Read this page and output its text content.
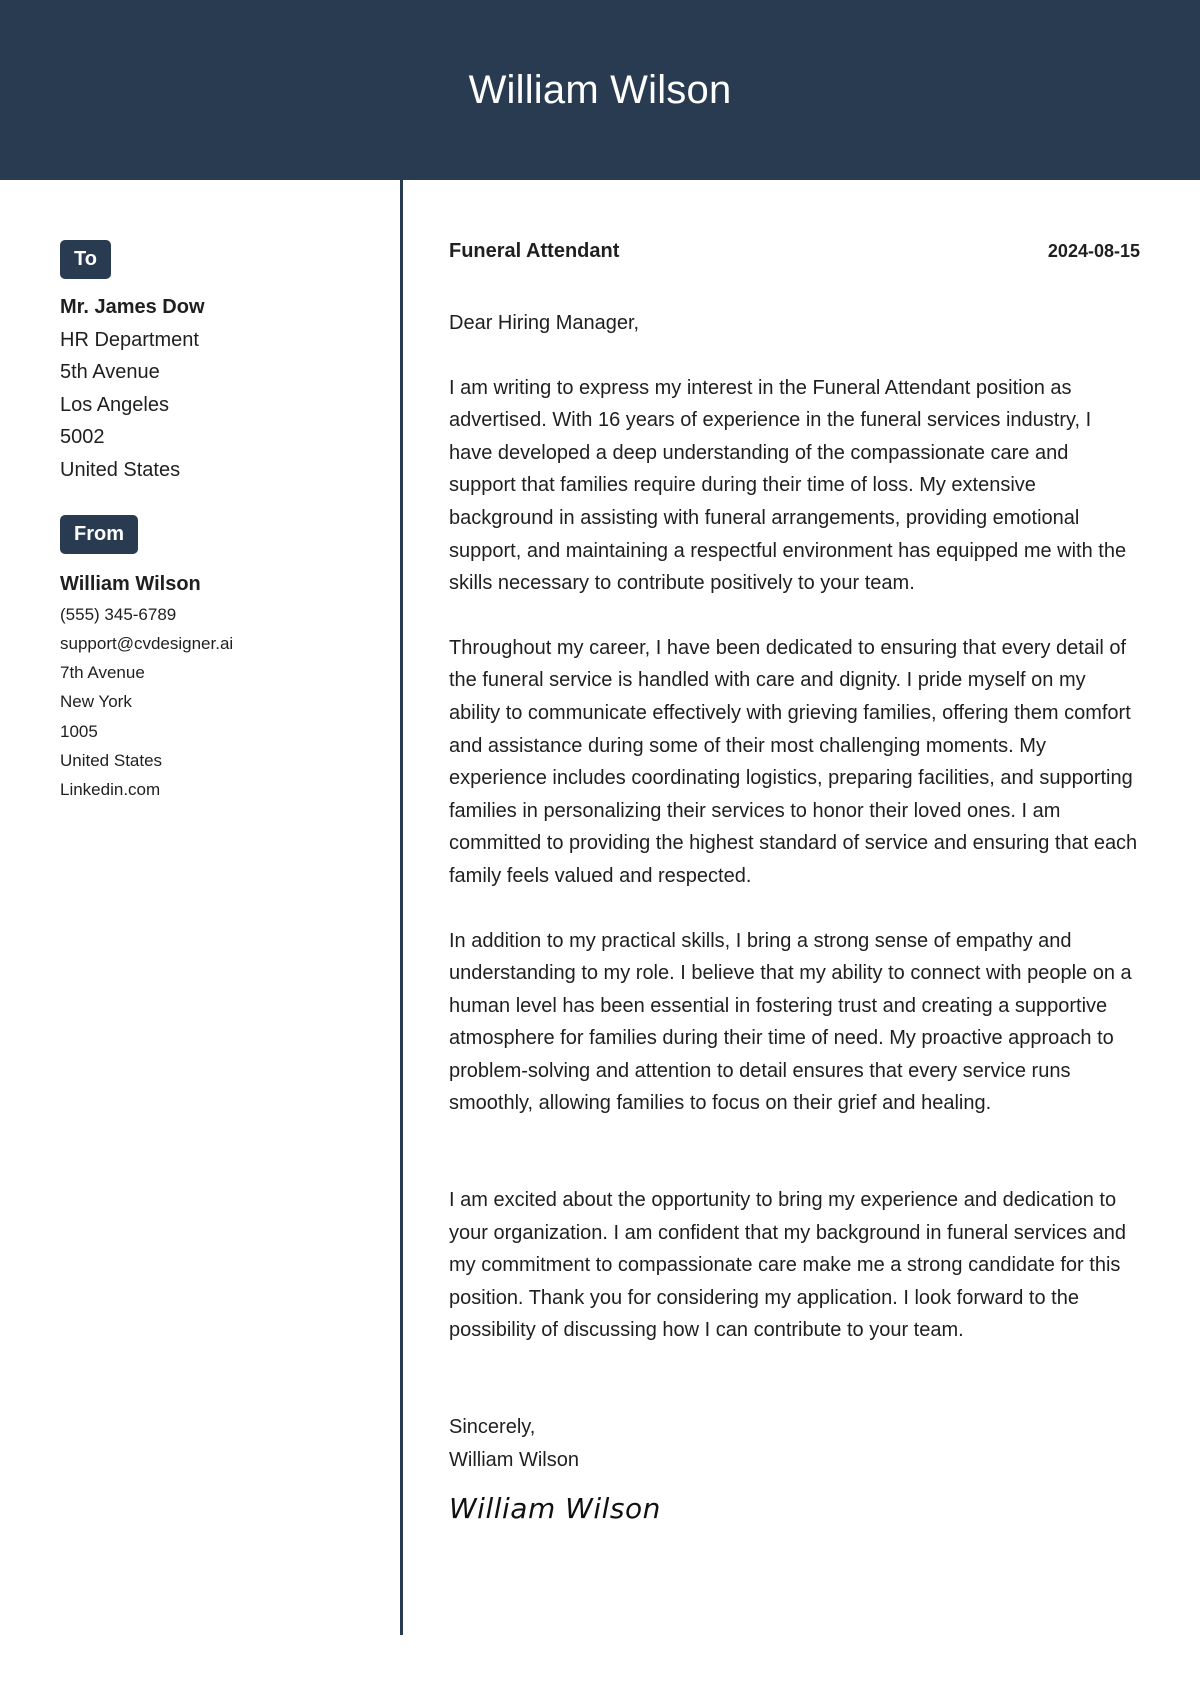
William Wilson
To
Mr. James Dow
HR Department
5th Avenue
Los Angeles
5002
United States
From
William Wilson
(555) 345-6789
support@cvdesigner.ai
7th Avenue
New York
1005
United States
Linkedin.com
Funeral Attendant	2024-08-15
Dear Hiring Manager,
I am writing to express my interest in the Funeral Attendant position as advertised. With 16 years of experience in the funeral services industry, I have developed a deep understanding of the compassionate care and support that families require during their time of loss. My extensive background in assisting with funeral arrangements, providing emotional support, and maintaining a respectful environment has equipped me with the skills necessary to contribute positively to your team.
Throughout my career, I have been dedicated to ensuring that every detail of the funeral service is handled with care and dignity. I pride myself on my ability to communicate effectively with grieving families, offering them comfort and assistance during some of their most challenging moments. My experience includes coordinating logistics, preparing facilities, and supporting families in personalizing their services to honor their loved ones. I am committed to providing the highest standard of service and ensuring that each family feels valued and respected.
In addition to my practical skills, I bring a strong sense of empathy and understanding to my role. I believe that my ability to connect with people on a human level has been essential in fostering trust and creating a supportive atmosphere for families during their time of need. My proactive approach to problem-solving and attention to detail ensures that every service runs smoothly, allowing families to focus on their grief and healing.
I am excited about the opportunity to bring my experience and dedication to your organization. I am confident that my background in funeral services and my commitment to compassionate care make me a strong candidate for this position. Thank you for considering my application. I look forward to the possibility of discussing how I can contribute to your team.
Sincerely,
William Wilson
William Wilson
